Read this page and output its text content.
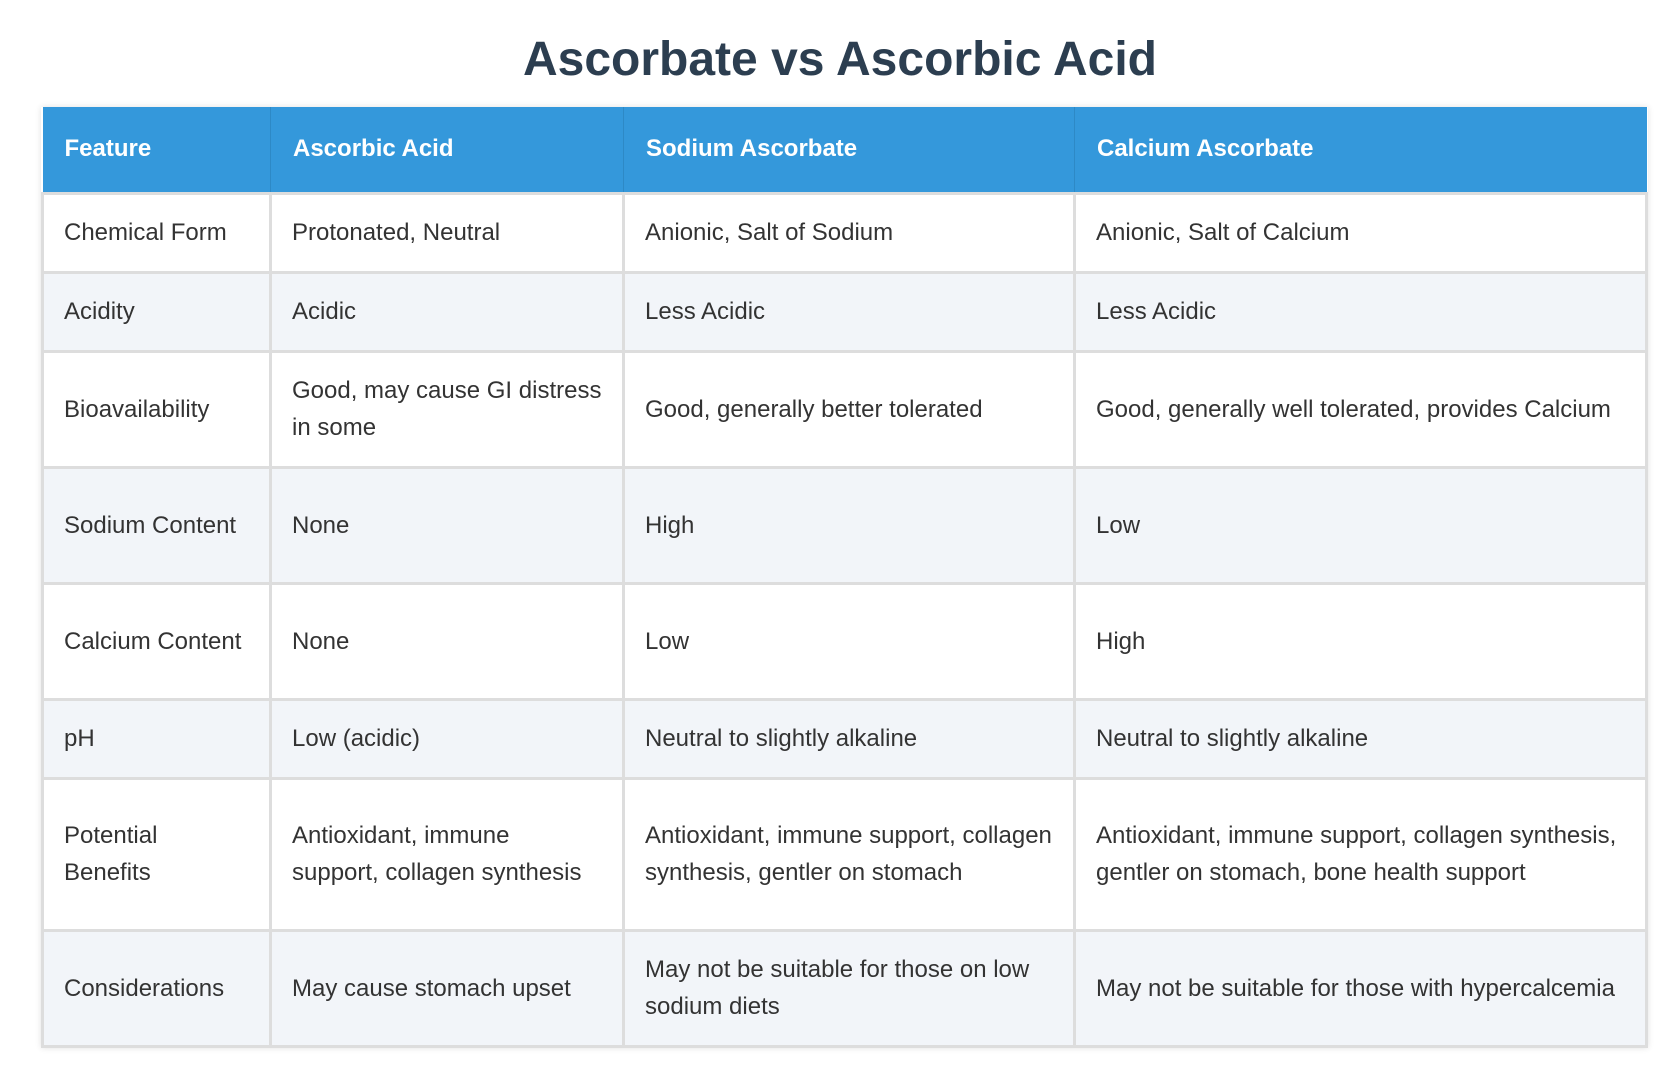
Ascorbate vs Ascorbic Acid
Feature	Ascorbic Acid	Sodium Ascorbate	Calcium Ascorbate
Chemical Form	Protonated, Neutral	Anionic, Salt of Sodium	Anionic, Salt of Calcium
Acidity	Acidic	Less Acidic	Less Acidic
Bioavailability	Good, may cause GI distress in some	Good, generally better tolerated	Good, generally well tolerated, provides Calcium
Sodium Content	None	High	Low
Calcium Content	None	Low	High
pH	Low (acidic)	Neutral to slightly alkaline	Neutral to slightly alkaline
Potential Benefits	Antioxidant, immune support, collagen synthesis	Antioxidant, immune support, collagen synthesis, gentler on stomach	Antioxidant, immune support, collagen synthesis, gentler on stomach, bone health support
Considerations	May cause stomach upset	May not be suitable for those on low sodium diets	May not be suitable for those with hypercalcemia
